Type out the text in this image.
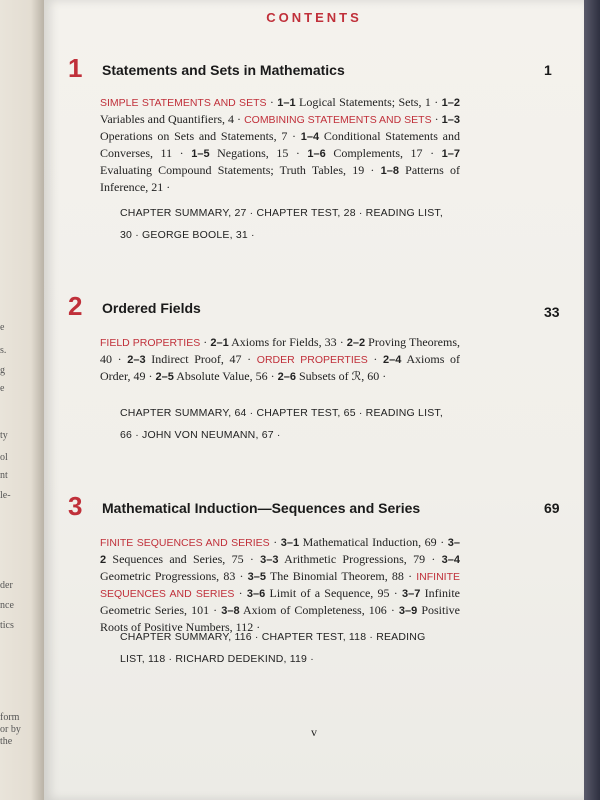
e
s.
g
e
ty
ol
nt
le-
der
nce
tics
form
or by
the
CONTENTS
1 Statements and Sets in Mathematics	1
SIMPLE STATEMENTS AND SETS · 1–1 Logical Statements; Sets, 1 · 1–2 Variables and Quantifiers, 4 · COMBINING STATEMENTS AND SETS · 1–3 Operations on Sets and Statements, 7 · 1–4 Conditional Statements and Converses, 11 · 1–5 Negations, 15 · 1–6 Complements, 17 · 1–7 Evaluating Compound Statements; Truth Tables, 19 · 1–8 Patterns of Inference, 21 ·
CHAPTER SUMMARY, 27 · CHAPTER TEST, 28 · READING LIST,
30 · GEORGE BOOLE, 31 ·
2 Ordered Fields	33
FIELD PROPERTIES · 2–1 Axioms for Fields, 33 · 2–2 Proving Theorems, 40 · 2–3 Indirect Proof, 47 · ORDER PROPERTIES · 2–4 Axioms of Order, 49 · 2–5 Absolute Value, 56 · 2–6 Subsets of ℛ, 60 ·
CHAPTER SUMMARY, 64 · CHAPTER TEST, 65 · READING LIST,
66 · JOHN VON NEUMANN, 67 ·
3 Mathematical Induction—Sequences and Series	69
FINITE SEQUENCES AND SERIES · 3–1 Mathematical Induction, 69 · 3–2 Sequences and Series, 75 · 3–3 Arithmetic Progressions, 79 · 3–4 Geometric Progressions, 83 · 3–5 The Binomial Theorem, 88 · INFINITE SEQUENCES AND SERIES · 3–6 Limit of a Sequence, 95 · 3–7 Infinite Geometric Series, 101 · 3–8 Axiom of Completeness, 106 · 3–9 Positive Roots of Positive Numbers, 112 ·
CHAPTER SUMMARY, 116 · CHAPTER TEST, 118 · READING
LIST, 118 · RICHARD DEDEKIND, 119 ·
v
